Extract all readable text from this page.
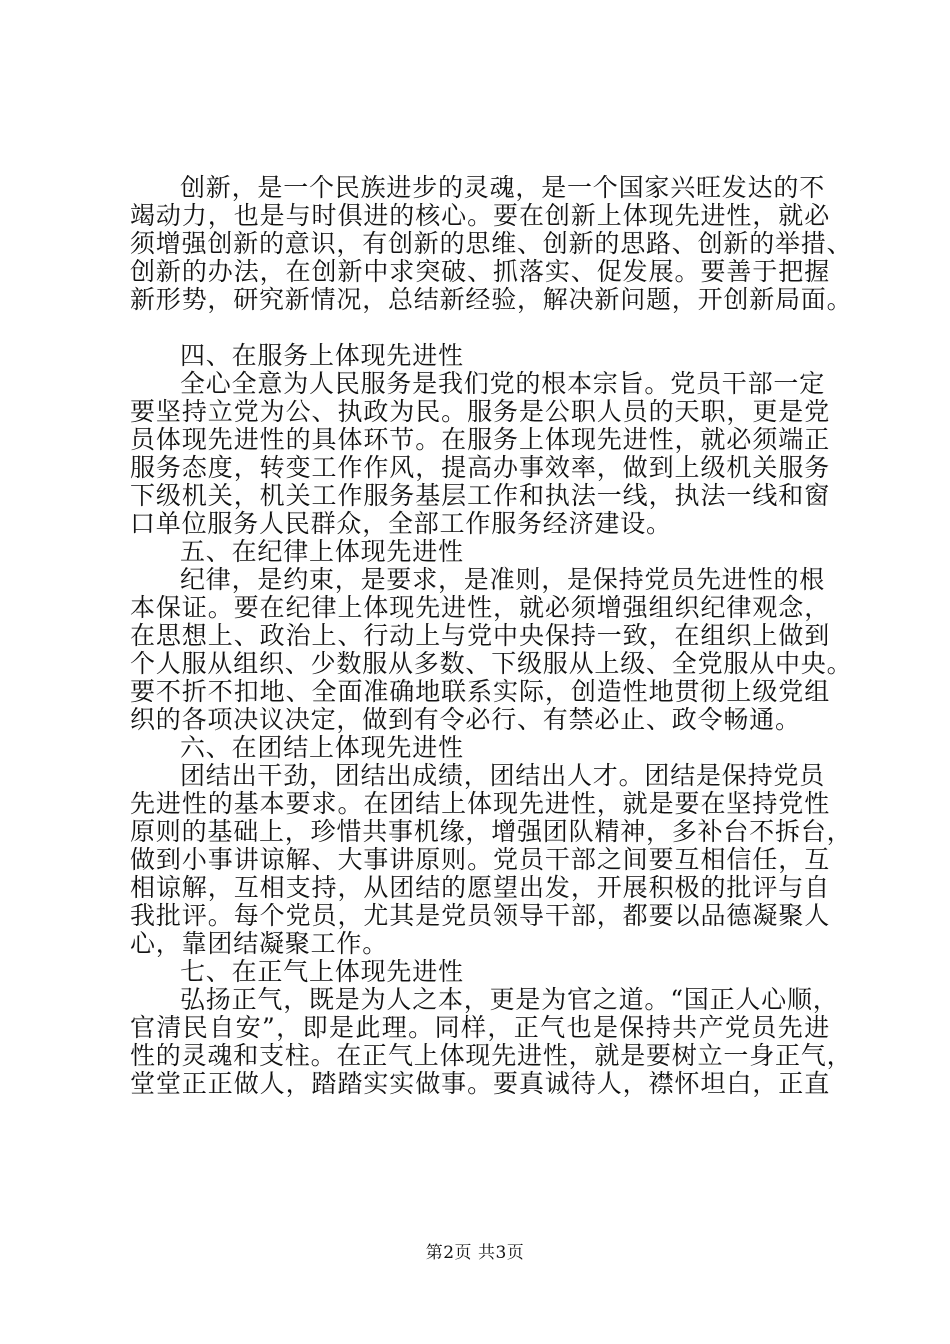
创新，是一个民族进步的灵魂，是一个国家兴旺发达的不
竭动力，也是与时俱进的核心。要在创新上体现先进性，就必
须增强创新的意识，有创新的思维、创新的思路、创新的举措、
创新的办法，在创新中求突破、抓落实、促发展。要善于把握
新形势，研究新情况，总结新经验，解决新问题，开创新局面。
四、在服务上体现先进性
全心全意为人民服务是我们党的根本宗旨。党员干部一定
要坚持立党为公、执政为民。服务是公职人员的天职，更是党
员体现先进性的具体环节。在服务上体现先进性，就必须端正
服务态度，转变工作作风，提高办事效率，做到上级机关服务
下级机关，机关工作服务基层工作和执法一线，执法一线和窗
口单位服务人民群众，全部工作服务经济建设。
五、在纪律上体现先进性
纪律，是约束，是要求，是准则，是保持党员先进性的根
本保证。要在纪律上体现先进性，就必须增强组织纪律观念，
在思想上、政治上、行动上与党中央保持一致，在组织上做到
个人服从组织、少数服从多数、下级服从上级、全党服从中央。
要不折不扣地、全面准确地联系实际，创造性地贯彻上级党组
织的各项决议决定，做到有令必行、有禁必止、政令畅通。
六、在团结上体现先进性
团结出干劲，团结出成绩，团结出人才。团结是保持党员
先进性的基本要求。在团结上体现先进性，就是要在坚持党性
原则的基础上，珍惜共事机缘，增强团队精神，多补台不拆台，
做到小事讲谅解、大事讲原则。党员干部之间要互相信任，互
相谅解，互相支持，从团结的愿望出发，开展积极的批评与自
我批评。每个党员，尤其是党员领导干部，都要以品德凝聚人
心，靠团结凝聚工作。
七、在正气上体现先进性
弘扬正气，既是为人之本，更是为官之道。“国正人心顺，
官清民自安”，即是此理。同样，正气也是保持共产党员先进
性的灵魂和支柱。在正气上体现先进性，就是要树立一身正气，
堂堂正正做人，踏踏实实做事。要真诚待人，襟怀坦白，正直
第2页 共3页
